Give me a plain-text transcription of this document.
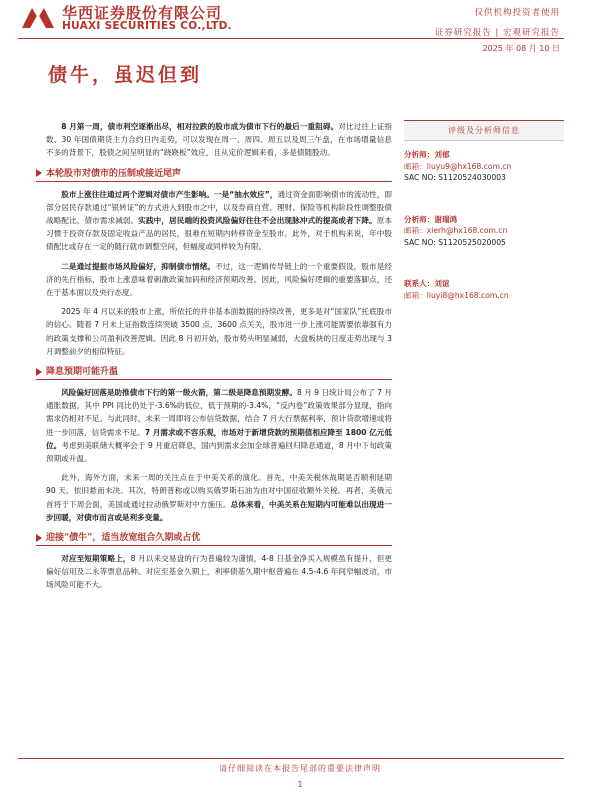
华西证券股份有限公司
HUAXI SECURITIES CO.,LTD.
仅供机构投资者使用
证券研究报告 | 宏观研究报告
2025 年 08 月 10 日
债牛，虽迟但到

8 月第一周，债市利空逐渐出尽，相对拉跌的股市成为债市下行的最后一重阻碍。对比过往上证指数、30 年国债期货主力合约日内走势，可以发现在周一、周四、周五以及周三午盘，在市场增量信息不多的背景下，股债之间呈明显的“跷跷板”效应，且从定价逻辑来看，多是债随股动。

本轮股市对债市的压制或接近尾声

股市上涨往往通过两个逻辑对债市产生影响。一是“抽水效应”，通过资金面影响债市的流动性，即部分居民存款通过“银转证”的方式进入到股市之中，以及券商自营、理财、保险等机构阶段性调整股债战略配比，债市需求减弱。实践中，居民端的投资风险偏好往往不会出现脉冲式的提高或者下降。原本习惯于投资存款及固定收益产品的居民，很难在短期内转移资金至股市。此外，对于机构来说，年中股债配比或存在一定的随行就市调整空间，但幅度或同样较为有限。

二是通过提振市场风险偏好，抑制债市情绪。不过，这一逻辑传导链上的一个重要假设，股市是经济的先行指标，股市上涨意味着刺激政策加码和经济预期改善。因此，风险偏好逻辑的重要落脚点，还在于基本面以及央行态度。

2025 年 4 月以来的股市上涨，所依托的并非基本面数据的持续改善，更多是对“国家队”托底股市的信心。随着 7 月末上证指数连续突破 3500 点、3600 点关关，股市进一步上涨可能需要依靠强有力的政策支撑和公司盈利改善逻辑。因此 8 月初开始，股市势头明显减弱，大盘板块的日度走势出现与 3 月调整前夕的相似特征。

降息预期可能升温

风险偏好回落是助推债市下行的第一级火箭，第二级是降息预期发酵。8 月 9 日统计局公布了 7 月通胀数据，其中 PPI 同比仍处于-3.6%的低位，低于预期的-3.4%，“反内卷”政策效果部分显现，指向需求仍相对不足。与此同时，未来一周即将公布信贷数据，结合 7 月大行票据利率，预计贷款增速或将进一步回落，信贷需求不足。7 月需求或不容乐观，市场对于新增贷款的预期值相应降至 1800 亿元低位。考虑到美联储大概率会于 9 月重启降息，国内到需求会加全球普遍回归降息通道，8 月中下旬政策预期或升温。

此外，海外方面，未来一周的关注点在于中美关系的演化。首先，中美关税休战期是否顺利延期 90 天，依旧悬而未决。其次，特朗普称或以购买俄罗斯石油为由对中国征收额外关税。再者，美俄元首将于下周会面，美国或通过拉动俄罗斯对中方施压。总体来看，中美关系在短期内可能难以出现进一步回暖，对债市而言或是利多变量。

迎接“债牛”，适当放宽组合久期或占优

对应至短期策略上，8 月以来交易盘的行为普遍较为谨慎，4-8 日基金净买入规模虽有提升，但更偏好信用及二永等票息品种。对应至基金久期上，利率债基久期中枢普遍在 4.5-4.6 年间窄幅波动，市场风险可能不大。

评级及分析师信息
分析师：刘郁
邮箱：liuyu9@hx168.com.cn
SAC NO: S1120524030003
分析师：谢瑞鸿
邮箱：xierh@hx168.com.cn
SAC NO: S1120525020005
联系人：刘谊
邮箱：liuyi8@hx168.com.cn
请仔细阅读在本报告尾部的重要法律声明
1
